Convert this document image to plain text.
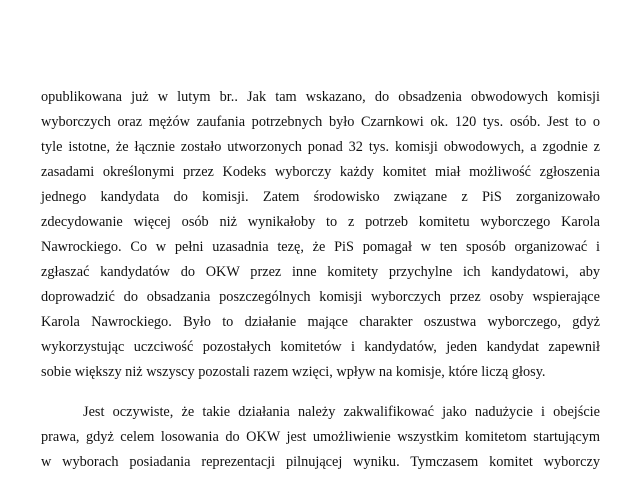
opublikowana już w lutym br.. Jak tam wskazano, do obsadzenia obwodowych komisji
wyborczych oraz mężów zaufania potrzebnych było Czarnkowi ok. 120 tys. osób. Jest to o
tyle istotne, że łącznie zostało utworzonych ponad 32 tys. komisji obwodowych, a zgodnie z
zasadami określonymi przez Kodeks wyborczy każdy komitet miał możliwość zgłoszenia
jednego kandydata do komisji. Zatem środowisko związane z PiS zorganizowało
zdecydowanie więcej osób niż wynikałoby to z potrzeb komitetu wyborczego Karola
Nawrockiego. Co w pełni uzasadnia tezę, że PiS pomagał w ten sposób organizować i
zgłaszać kandydatów do OKW przez inne komitety przychylne ich kandydatowi, aby
doprowadzić do obsadzania poszczególnych komisji wyborczych przez osoby wspierające
Karola Nawrockiego. Było to działanie mające charakter oszustwa wyborczego, gdyż
wykorzystując uczciwość pozostałych komitetów i kandydatów, jeden kandydat zapewnił
sobie większy niż wszyscy pozostali razem wzięci, wpływ na komisje, które liczą głosy.
Jest oczywiste, że takie działania należy zakwalifikować jako nadużycie i obejście
prawa, gdyż celem losowania do OKW jest umożliwienie wszystkim komitetom startującym
w wyborach posiadania reprezentacji pilnującej wyniku. Tymczasem komitet wyborczy
